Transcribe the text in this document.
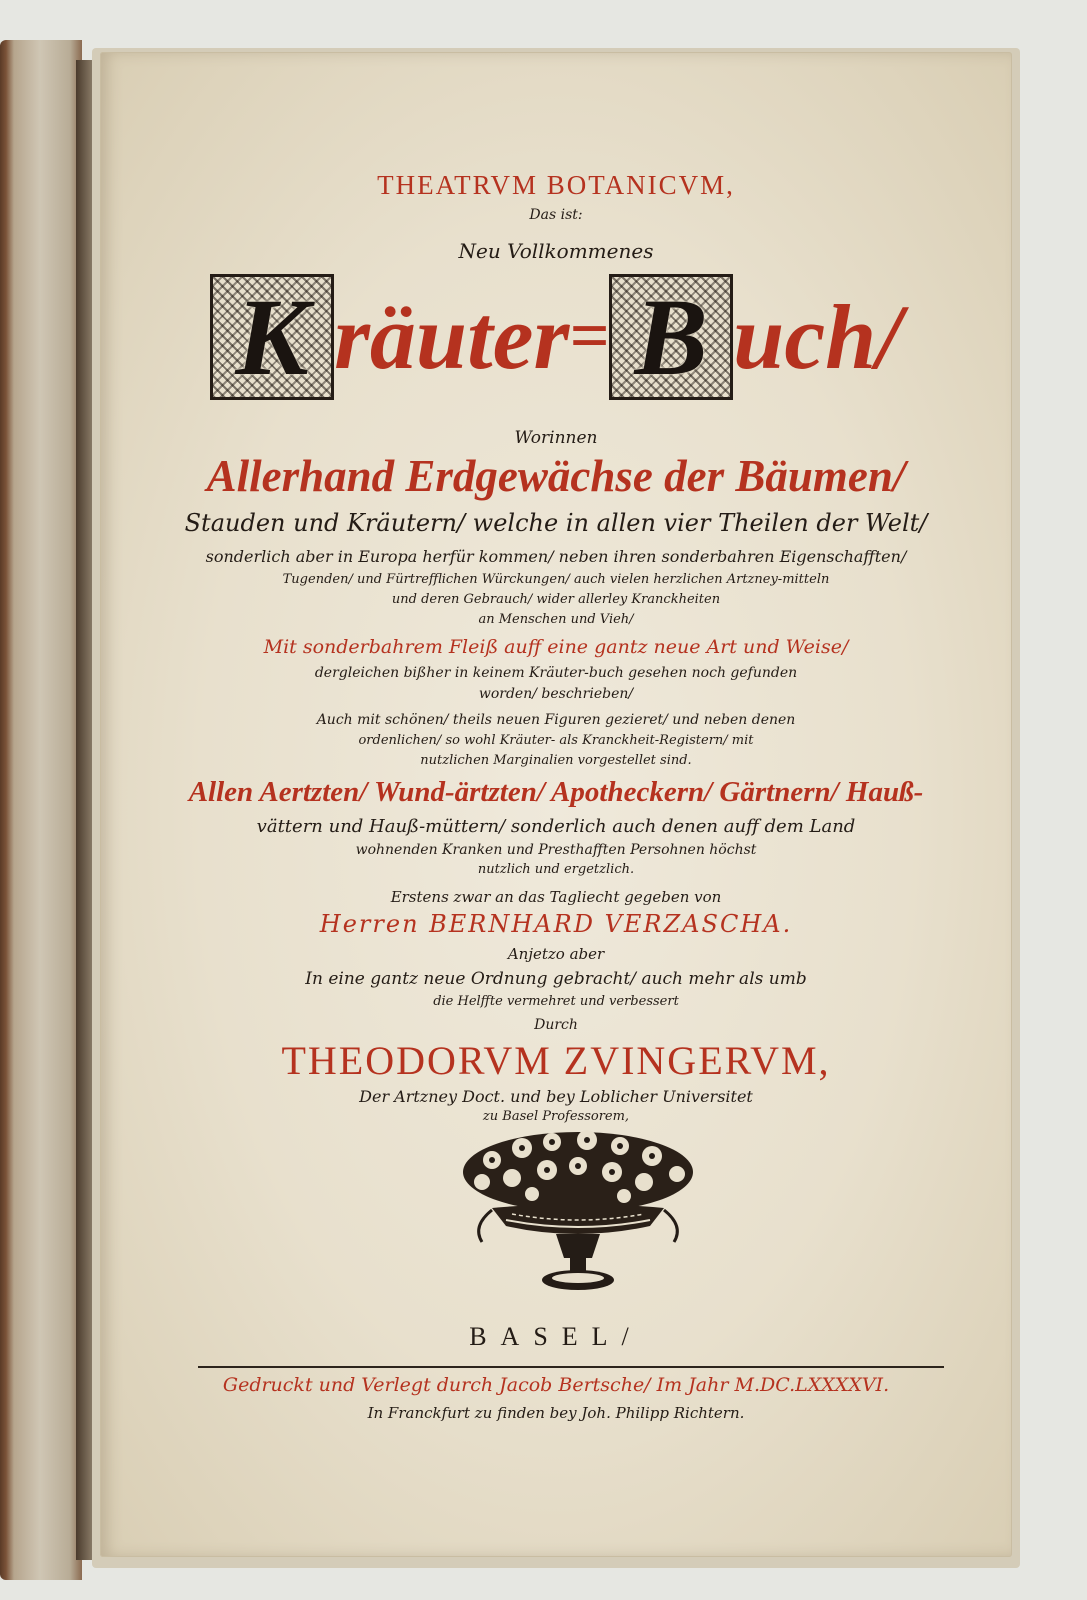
THEATRVM BOTANICVM,
Das ist:
Neu Vollkommenes
K räuter= B uch/
Worinnen
Allerhand Erdgewächse der Bäumen/
Stauden und Kräutern/ welche in allen vier Theilen der Welt/
sonderlich aber in Europa herfür kommen/ neben ihren sonderbahren Eigenschafften/
Tugenden/ und Fürtrefflichen Würckungen/ auch vielen herzlichen Artzney-mitteln
und deren Gebrauch/ wider allerley Kranckheiten
an Menschen und Vieh/
Mit sonderbahrem Fleiß auff eine gantz neue Art und Weise/
dergleichen bißher in keinem Kräuter-buch gesehen noch gefunden
worden/ beschrieben/
Auch mit schönen/ theils neuen Figuren gezieret/ und neben denen
ordenlichen/ so wohl Kräuter- als Kranckheit-Registern/ mit
nutzlichen Marginalien vorgestellet sind.
Allen Aertzten/ Wund-ärtzten/ Apotheckern/ Gärtnern/ Hauß-
vättern und Hauß-müttern/ sonderlich auch denen auff dem Land
wohnenden Kranken und Presthafften Persohnen höchst
nutzlich und ergetzlich.
Erstens zwar an das Tagliecht gegeben von
Herren BERNHARD VERZASCHA.
Anjetzo aber
In eine gantz neue Ordnung gebracht/ auch mehr als umb
die Helffte vermehret und verbessert
Durch
THEODORVM ZVINGERVM,
Der Artzney Doct. und bey Loblicher Universitet
zu Basel Professorem,
BASEL/
Gedruckt und Verlegt durch Jacob Bertsche/ Im Jahr M.DC.LXXXXVI.
In Franckfurt zu finden bey Joh. Philipp Richtern.
